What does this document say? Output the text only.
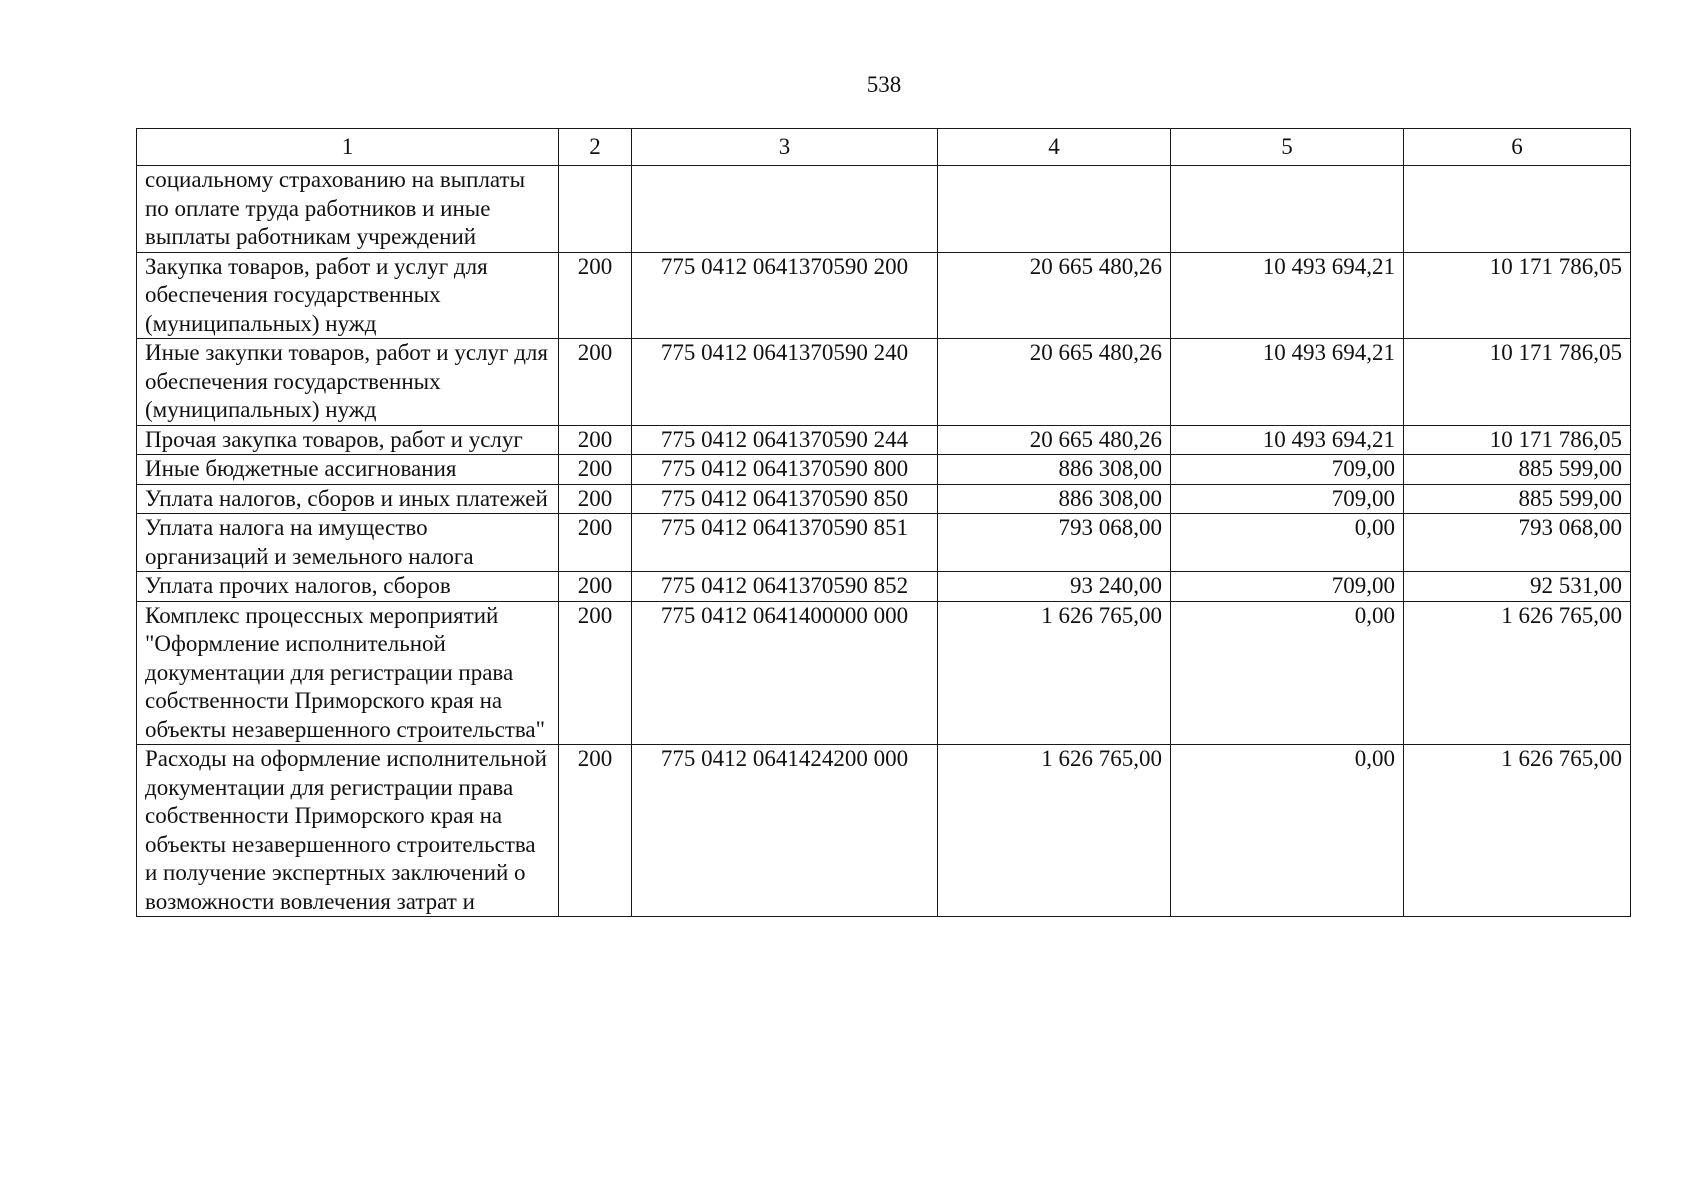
538
1	2	3	4	5	6
социальному страхованию на выплаты по оплате труда работников и иные выплаты работникам учреждений					
Закупка товаров, работ и услуг для обеспечения государственных (муниципальных) нужд	200	775 0412 0641370590 200	20 665 480,26	10 493 694,21	10 171 786,05
Иные закупки товаров, работ и услуг для обеспечения государственных (муниципальных) нужд	200	775 0412 0641370590 240	20 665 480,26	10 493 694,21	10 171 786,05
Прочая закупка товаров, работ и услуг	200	775 0412 0641370590 244	20 665 480,26	10 493 694,21	10 171 786,05
Иные бюджетные ассигнования	200	775 0412 0641370590 800	886 308,00	709,00	885 599,00
Уплата налогов, сборов и иных платежей	200	775 0412 0641370590 850	886 308,00	709,00	885 599,00
Уплата налога на имущество организаций и земельного налога	200	775 0412 0641370590 851	793 068,00	0,00	793 068,00
Уплата прочих налогов, сборов	200	775 0412 0641370590 852	93 240,00	709,00	92 531,00
Комплекс процессных мероприятий "Оформление исполнительной документации для регистрации права собственности Приморского края на объекты незавершенного строительства"	200	775 0412 0641400000 000	1 626 765,00	0,00	1 626 765,00
Расходы на оформление исполнительной документации для регистрации права собственности Приморского края на объекты незавершенного строительства и получение экспертных заключений о возможности вовлечения затрат и	200	775 0412 0641424200 000	1 626 765,00	0,00	1 626 765,00
